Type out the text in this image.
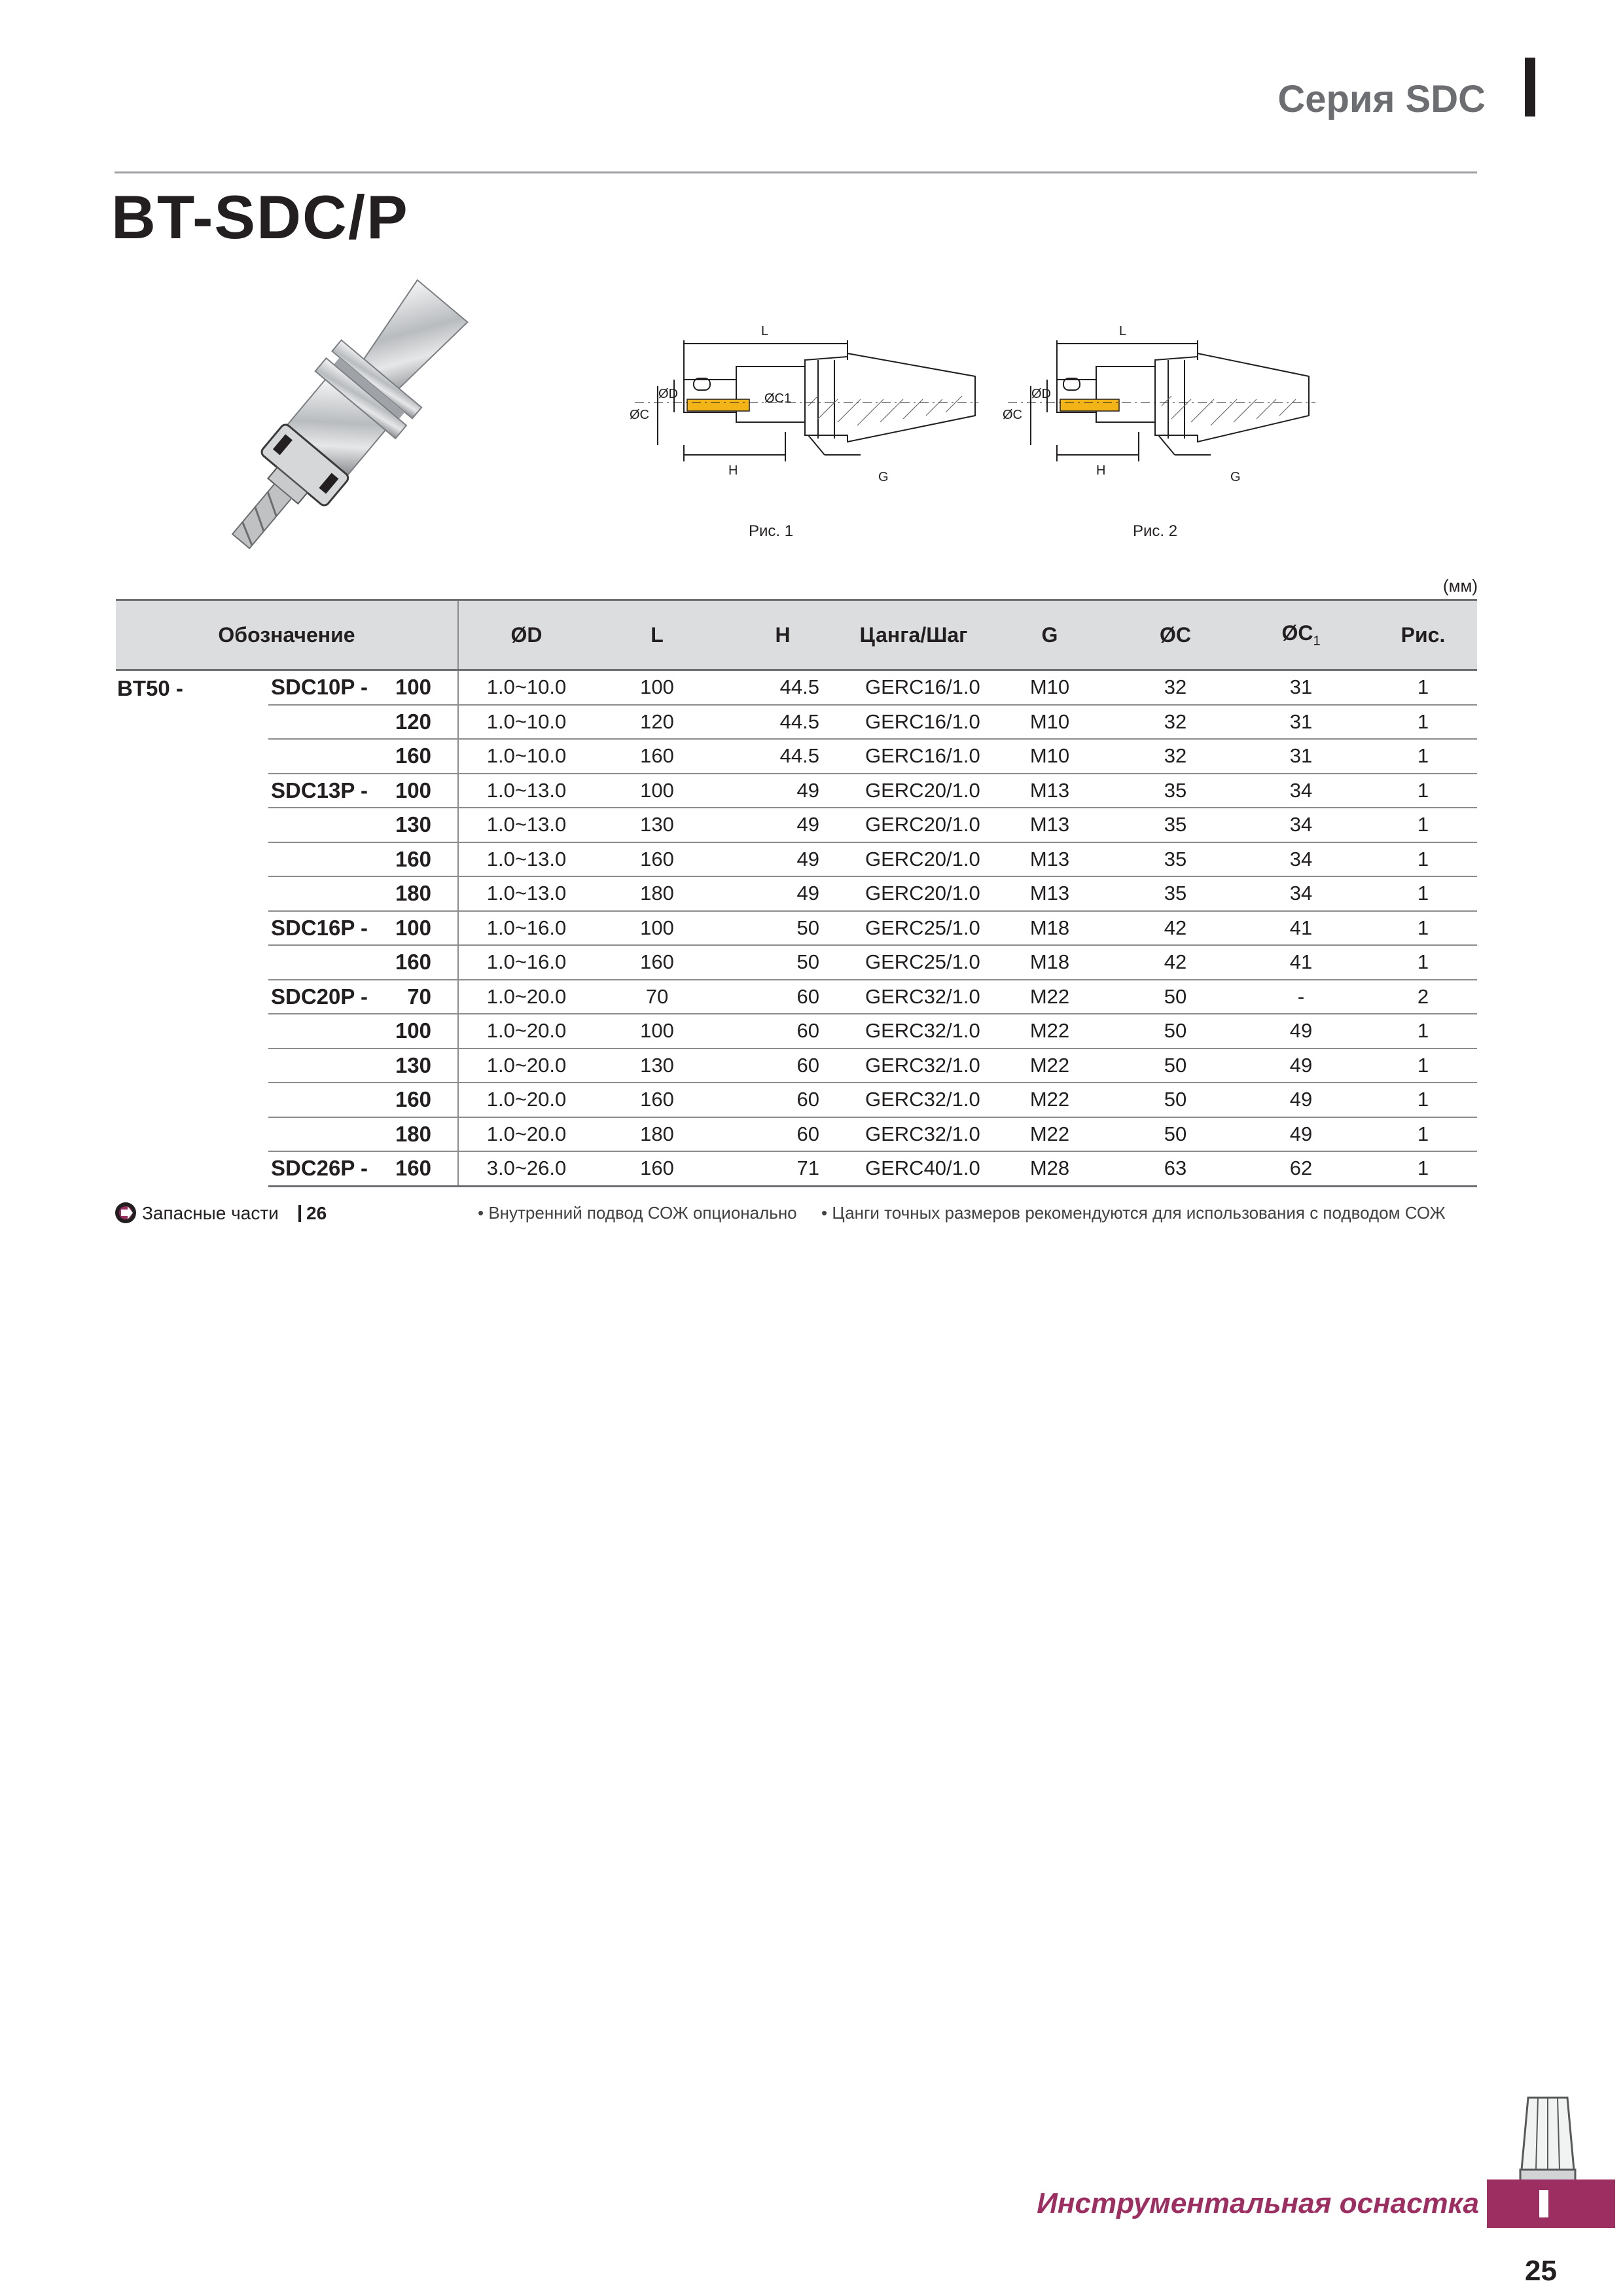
Серия SDC
BT-SDC/P
L
ØC
ØD	ØC1
H	G
L
ØC
ØD
H	G
Рис. 1	Рис. 2
(мм)
Обозначение			ØD	L	H	Цанга/Шаг	G	ØC	$ØC_1$	Рис.
BT50 -	SDC10P -	100	1.0~10.0	100	44.5	GERC16/1.0	M10	32	31	1
		120	1.0~10.0	120	44.5	GERC16/1.0	M10	32	31	1
		160	1.0~10.0	160	44.5	GERC16/1.0	M10	32	31	1
	SDC13P -	100	1.0~13.0	100	49	GERC20/1.0	M13	35	34	1
		130	1.0~13.0	130	49	GERC20/1.0	M13	35	34	1
		160	1.0~13.0	160	49	GERC20/1.0	M13	35	34	1
		180	1.0~13.0	180	49	GERC20/1.0	M13	35	34	1
	SDC16P -	100	1.0~16.0	100	50	GERC25/1.0	M18	42	41	1
		160	1.0~16.0	160	50	GERC25/1.0	M18	42	41	1
	SDC20P -	70	1.0~20.0	70	60	GERC32/1.0	M22	50	-	2
		100	1.0~20.0	100	60	GERC32/1.0	M22	50	49	1
		130	1.0~20.0	130	60	GERC32/1.0	M22	50	49	1
		160	1.0~20.0	160	60	GERC32/1.0	M22	50	49	1
		180	1.0~20.0	180	60	GERC32/1.0	M22	50	49	1
	SDC26P -	160	3.0~26.0	160	71	GERC40/1.0	M28	63	62	1
Запасные части	26	• Внутренний подвод СОЖ опционально • Цанги точных размеров рекомендуются для использования с подводом СОЖ
Инструментальная оснастка
25
